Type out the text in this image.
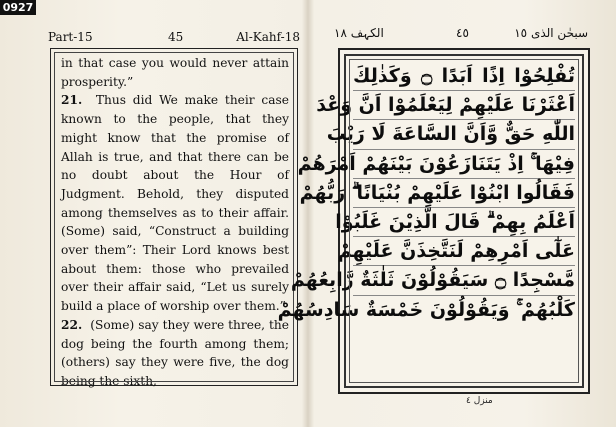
0927
Part-15	45	Al-Kahf-18

in that case you would never attain prosperity.”

21. Thus did We make their case known to the people, that they might know that the promise of Allah is true, and that there can be no doubt about the Hour of Judgment. Behold, they disputed among themselves as to their affair. (Some) said, “Construct a building over them”: Their Lord knows best about them: those who prevailed over their affair said, “Let us surely build a place of worship over them.”

22. (Some) say they were three, the dog being the fourth among them; (others) say they were five, the dog being the sixth, -

الکہف ١٨	٤٥	سبحٰن الذی ١٥
تُفْلِحُوْا اِذًا اَبَدًا ۝ وَكَذٰلِكَ
اَعْثَرْنَا عَلَيْهِمْ لِيَعْلَمُوْا اَنَّ وَعْدَ
اللّٰهِ حَقٌّ وَّاَنَّ السَّاعَةَ لَا رَيْبَ
فِيْهَا ۚ اِذْ يَتَنَازَعُوْنَ بَيْنَهُمْ اَمْرَهُمْ
فَقَالُوا ابْنُوْا عَلَيْهِمْ بُنْيَانًا ۗ رَبُّهُمْ
اَعْلَمُ بِهِمْ ۗ قَالَ الَّذِيْنَ غَلَبُوْا
عَلٰٓى اَمْرِهِمْ لَنَتَّخِذَنَّ عَلَيْهِمْ
مَّسْجِدًا ۝ سَيَقُوْلُوْنَ ثَلٰثَةٌ رَّابِعُهُمْ
كَلْبُهُمْ ۚ وَيَقُوْلُوْنَ خَمْسَةٌ سَادِسُهُمْ
منزل ٤
